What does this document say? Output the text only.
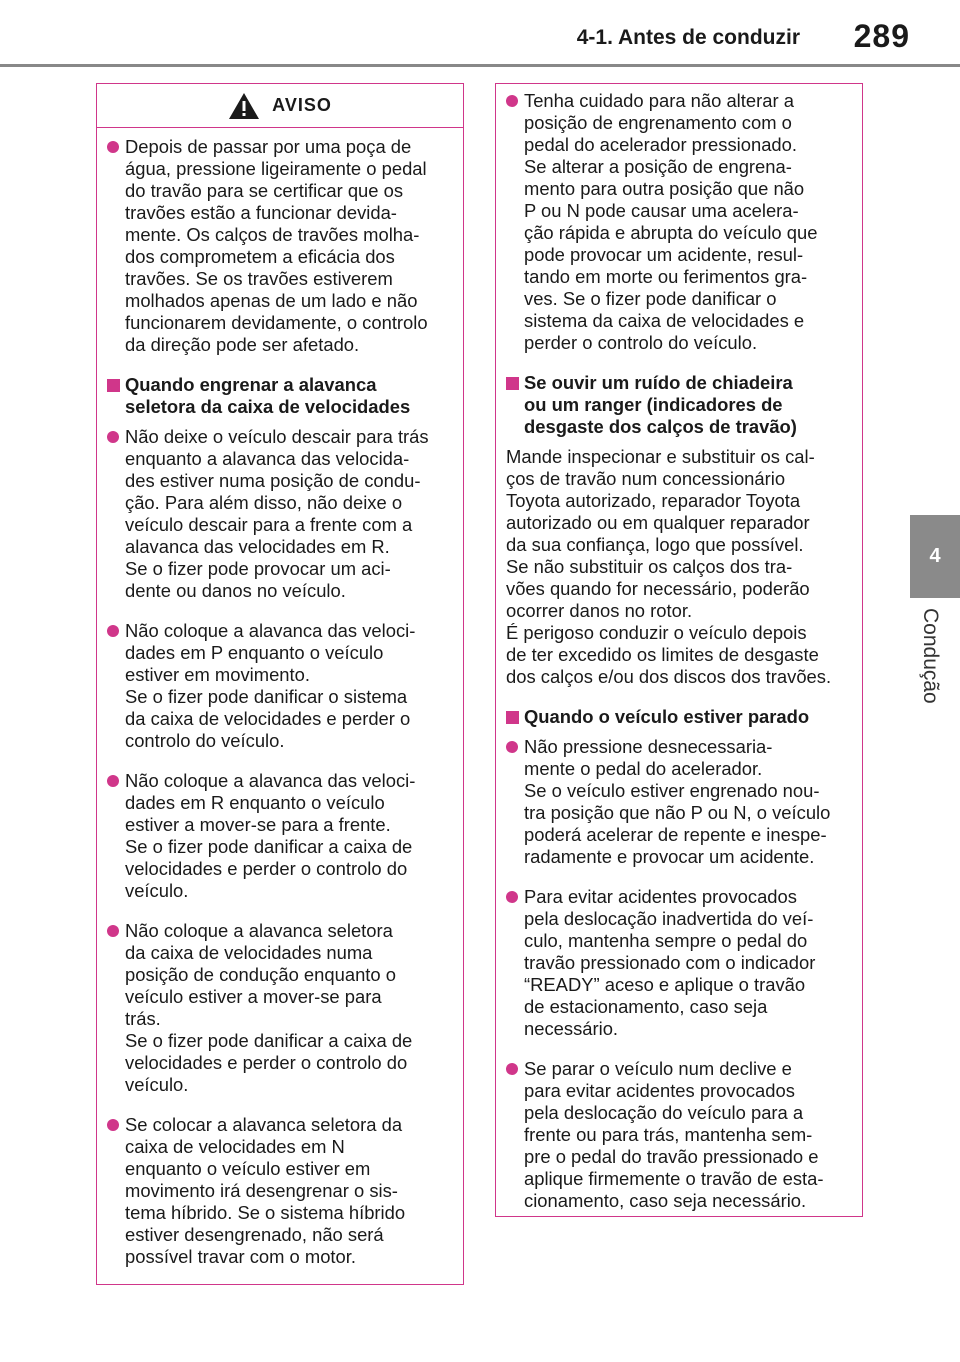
4-1. Antes de conduzir 289
4
Condução
AVISO
Depois de passar por uma poça de
água, pressione ligeiramente o pedal
do travão para se certificar que os
travões estão a funcionar devida-
mente. Os calços de travões molha-
dos comprometem a eficácia dos
travões. Se os travões estiverem
molhados apenas de um lado e não
funcionarem devidamente, o controlo
da direção pode ser afetado.
Quando engrenar a alavanca
seletora da caixa de velocidades
Não deixe o veículo descair para trás
enquanto a alavanca das velocida-
des estiver numa posição de condu-
ção. Para além disso, não deixe o
veículo descair para a frente com a
alavanca das velocidades em R.
Se o fizer pode provocar um aci-
dente ou danos no veículo.
Não coloque a alavanca das veloci-
dades em P enquanto o veículo
estiver em movimento.
Se o fizer pode danificar o sistema
da caixa de velocidades e perder o
controlo do veículo.
Não coloque a alavanca das veloci-
dades em R enquanto o veículo
estiver a mover-se para a frente.
Se o fizer pode danificar a caixa de
velocidades e perder o controlo do
veículo.
Não coloque a alavanca seletora
da caixa de velocidades numa
posição de condução enquanto o
veículo estiver a mover-se para
trás.
Se o fizer pode danificar a caixa de
velocidades e perder o controlo do
veículo.
Se colocar a alavanca seletora da
caixa de velocidades em N
enquanto o veículo estiver em
movimento irá desengrenar o sis-
tema híbrido. Se o sistema híbrido
estiver desengrenado, não será
possível travar com o motor.
Tenha cuidado para não alterar a
posição de engrenamento com o
pedal do acelerador pressionado.
Se alterar a posição de engrena-
mento para outra posição que não
P ou N pode causar uma acelera-
ção rápida e abrupta do veículo que
pode provocar um acidente, resul-
tando em morte ou ferimentos gra-
ves. Se o fizer pode danificar o
sistema da caixa de velocidades e
perder o controlo do veículo.
Se ouvir um ruído de chiadeira
ou um ranger (indicadores de
desgaste dos calços de travão)
Mande inspecionar e substituir os cal-
ços de travão num concessionário
Toyota autorizado, reparador Toyota
autorizado ou em qualquer reparador
da sua confiança, logo que possível.
Se não substituir os calços dos tra-
vões quando for necessário, poderão
ocorrer danos no rotor.
É perigoso conduzir o veículo depois
de ter excedido os limites de desgaste
dos calços e/ou dos discos dos travões.
Quando o veículo estiver parado
Não pressione desnecessaria-
mente o pedal do acelerador.
Se o veículo estiver engrenado nou-
tra posição que não P ou N, o veículo
poderá acelerar de repente e inespe-
radamente e provocar um acidente.
Para evitar acidentes provocados
pela deslocação inadvertida do veí-
culo, mantenha sempre o pedal do
travão pressionado com o indicador
“READY” aceso e aplique o travão
de estacionamento, caso seja
necessário.
Se parar o veículo num declive e
para evitar acidentes provocados
pela deslocação do veículo para a
frente ou para trás, mantenha sem-
pre o pedal do travão pressionado e
aplique firmemente o travão de esta-
cionamento, caso seja necessário.
